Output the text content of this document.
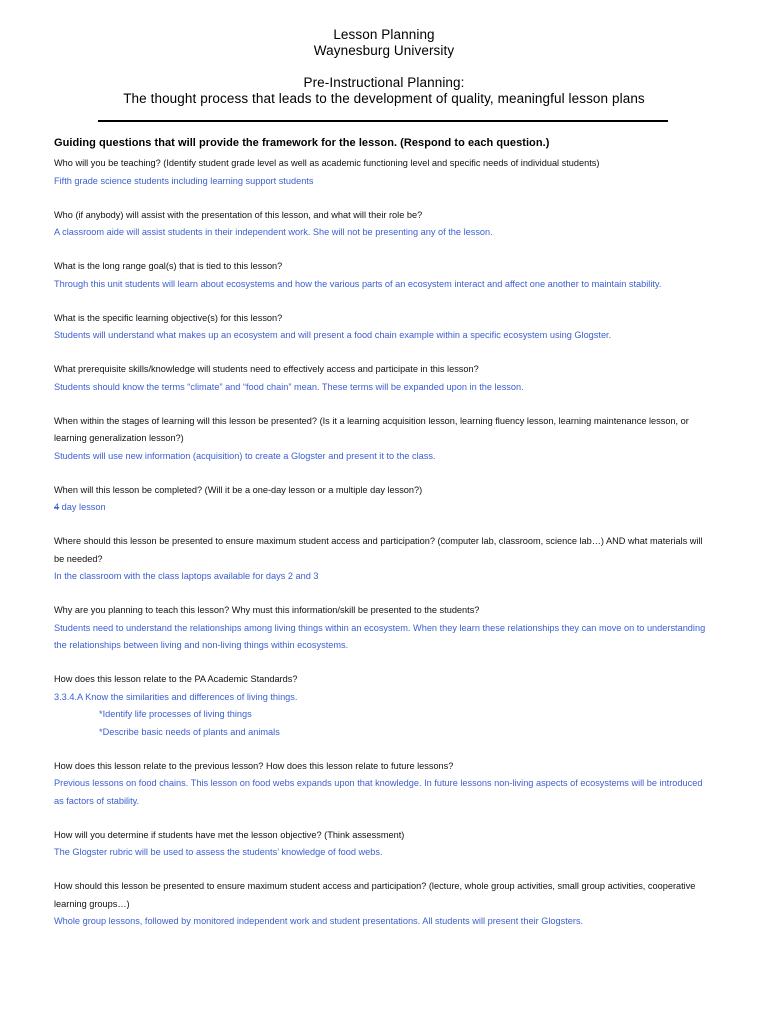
Lesson Planning
Waynesburg University
Pre-Instructional Planning:
The thought process that leads to the development of quality, meaningful lesson plans

Guiding questions that will provide the framework for the lesson. (Respond to each question.)

Who will you be teaching? (Identify student grade level as well as academic functioning level and specific needs of individual students)

Fifth grade science students including learning support students

Who (if anybody) will assist with the presentation of this lesson, and what will their role be?

A classroom aide will assist students in their independent work. She will not be presenting any of the lesson.

What is the long range goal(s) that is tied to this lesson?

Through this unit students will learn about ecosystems and how the various parts of an ecosystem interact and affect one another to maintain stability.

What is the specific learning objective(s) for this lesson?

Students will understand what makes up an ecosystem and will present a food chain example within a specific ecosystem using Glogster.

What prerequisite skills/knowledge will students need to effectively access and participate in this lesson?

Students should know the terms “climate” and “food chain” mean. These terms will be expanded upon in the lesson.

When within the stages of learning will this lesson be presented? (Is it a learning acquisition lesson, learning fluency lesson, learning maintenance lesson, or learning generalization lesson?)

Students will use new information (acquisition) to create a Glogster and present it to the class.

When will this lesson be completed? (Will it be a one-day lesson or a multiple day lesson?)

4 day lesson

Where should this lesson be presented to ensure maximum student access and participation? (computer lab, classroom, science lab…) AND what materials will be needed?

In the classroom with the class laptops available for days 2 and 3

Why are you planning to teach this lesson? Why must this information/skill be presented to the students?

Students need to understand the relationships among living things within an ecosystem. When they learn these relationships they can move on to understanding the relationships between living and non-living things within ecosystems.

How does this lesson relate to the PA Academic Standards?

3.3.4.A Know the similarities and differences of living things.

*Identify life processes of living things

*Describe basic needs of plants and animals

How does this lesson relate to the previous lesson? How does this lesson relate to future lessons?

Previous lessons on food chains. This lesson on food webs expands upon that knowledge. In future lessons non-living aspects of ecosystems will be introduced as factors of stability.

How will you determine if students have met the lesson objective? (Think assessment)

The Glogster rubric will be used to assess the students’ knowledge of food webs.

How should this lesson be presented to ensure maximum student access and participation? (lecture, whole group activities, small group activities, cooperative learning groups…)

Whole group lessons, followed by monitored independent work and student presentations. All students will present their Glogsters.
